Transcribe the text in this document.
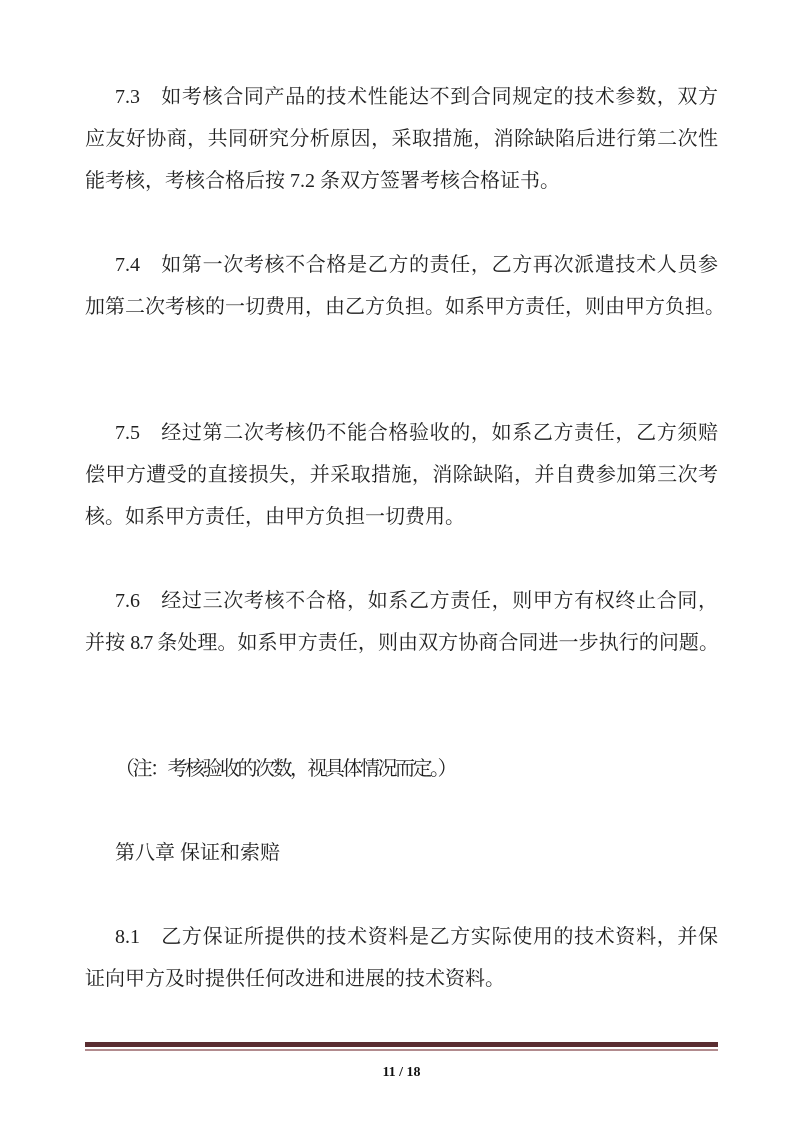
7.3　如考核合同产品的技术性能达不到合同规定的技术参数，双方
应友好协商，共同研究分析原因，采取措施，消除缺陷后进行第二次性
能考核，考核合格后按 7.2 条双方签署考核合格证书。
7.4　如第一次考核不合格是乙方的责任，乙方再次派遣技术人员参
加第二次考核的一切费用，由乙方负担。如系甲方责任，则由甲方负担。
7.5　经过第二次考核仍不能合格验收的，如系乙方责任，乙方须赔
偿甲方遭受的直接损失，并采取措施，消除缺陷，并自费参加第三次考
核。如系甲方责任，由甲方负担一切费用。
7.6　经过三次考核不合格，如系乙方责任，则甲方有权终止合同，
并按 8.7 条处理。如系甲方责任，则由双方协商合同进一步执行的问题。
（注：考核验收的次数，视具体情况而定。）
第八章 保证和索赔
8.1　乙方保证所提供的技术资料是乙方实际使用的技术资料，并保
证向甲方及时提供任何改进和进展的技术资料。
11 / 18
